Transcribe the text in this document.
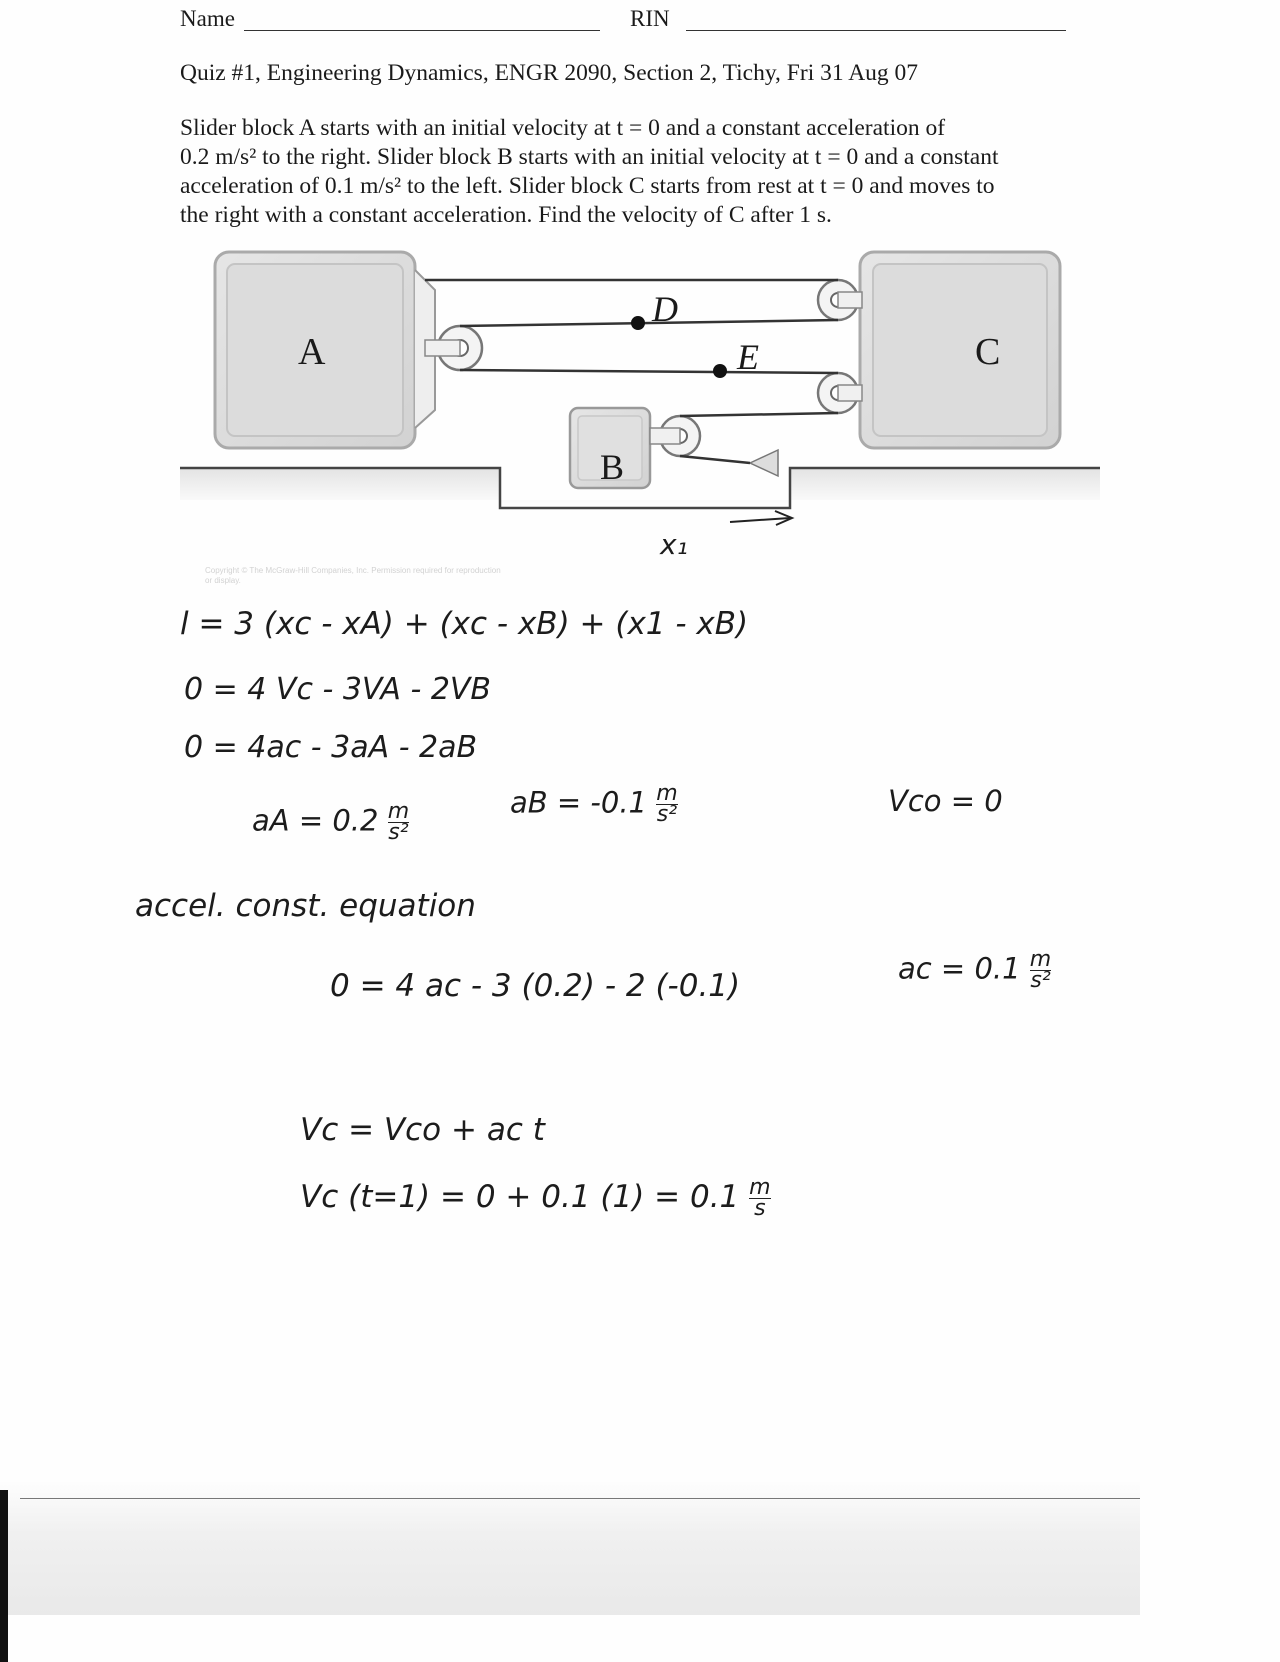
Name	RIN
Quiz #1, Engineering Dynamics, ENGR 2090, Section 2, Tichy, Fri 31 Aug 07

Slider block A starts with an initial velocity at t = 0 and a constant acceleration of

0.2 m/s² to the right. Slider block B starts with an initial velocity at t = 0 and a constant

acceleration of 0.1 m/s² to the left. Slider block C starts from rest at t = 0 and moves to

the right with a constant acceleration. Find the velocity of C after 1 s.

A
B
C
D
E
x₁
Copyright © The McGraw-Hill Companies, Inc. Permission required for reproduction or display.
l = 3 (xc - xA) + (xc - xB) + (x1 - xB)
0 = 4 Vc - 3VA - 2VB
0 = 4ac - 3aA - 2aB
aA = $0.2 \frac{m}{\text{s²}}$	aB = $-0.1 \frac{m}{\text{s²}}$	Vco = 0
accel. const. equation
0 = 4 ac - 3 (0.2) - 2 (-0.1)	ac = $0.1 \frac{m}{\text{s²}}$
Vc = Vco + ac t
Vc (t=1) = 0 + 0.1 $(1) = 0.1 \frac{m}{s}$
